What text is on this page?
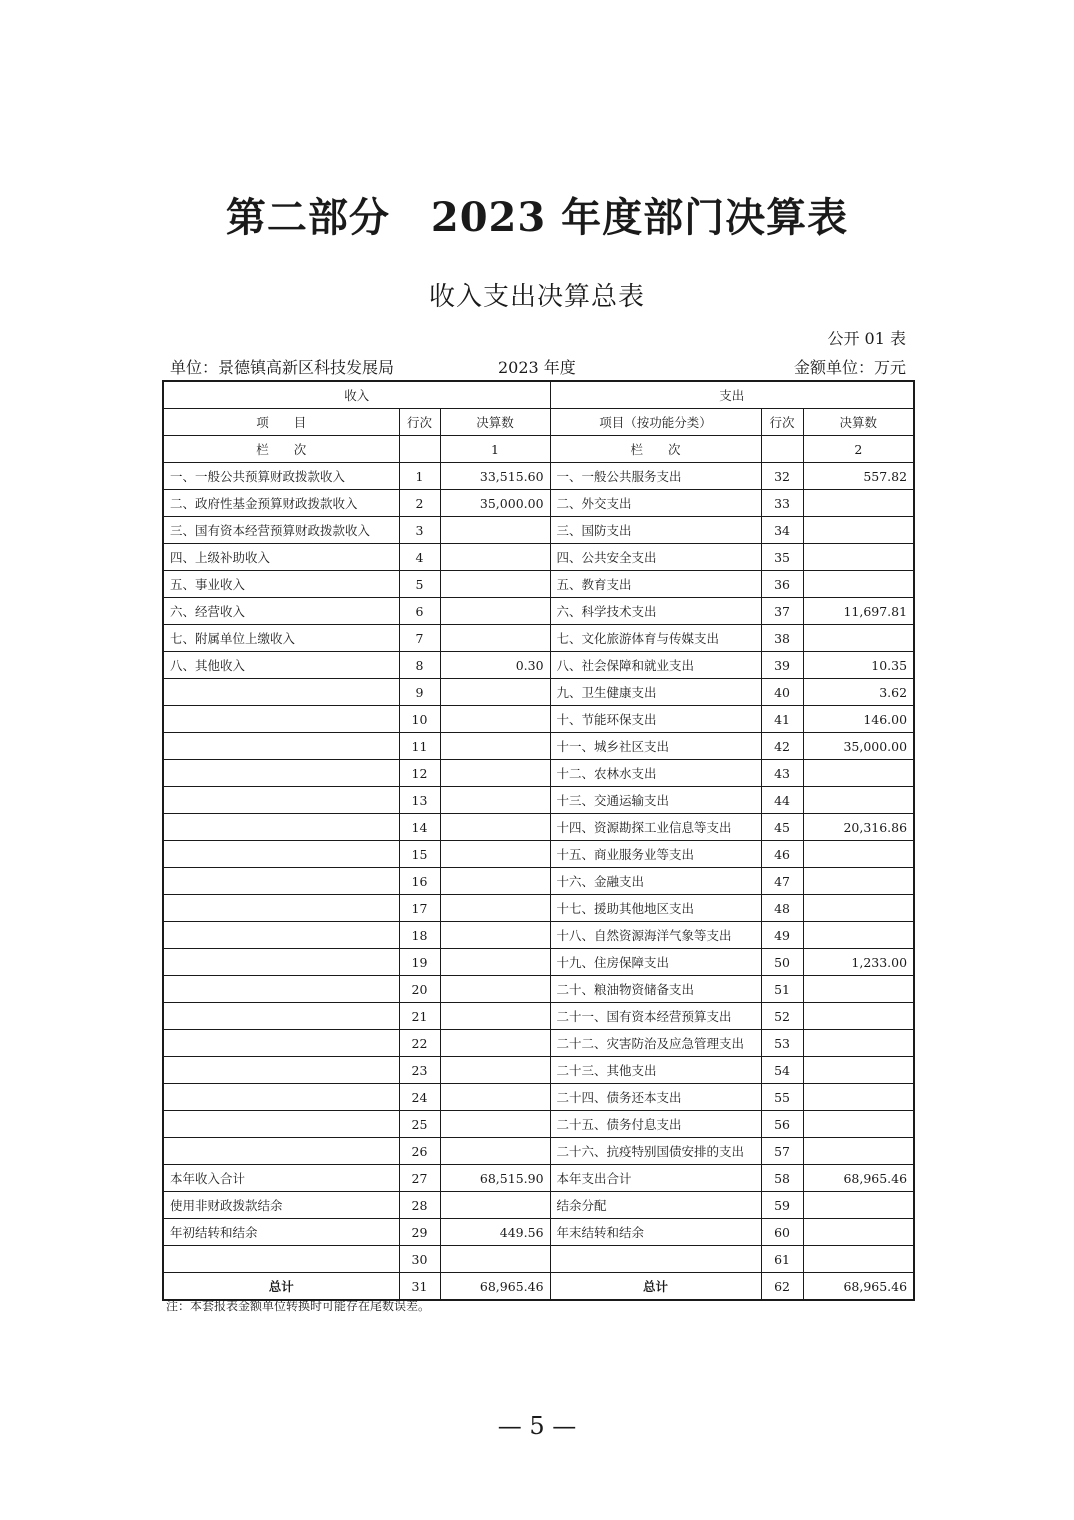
第二部分　2023 年度部门决算表
收入支出决算总表
公开 01 表
单位：景德镇高新区科技发展局	2023 年度	金额单位：万元
收入			支出		
项　　目	行次	决算数	项目（按功能分类）	行次	决算数
栏　　次		1	栏　　次		2
一、一般公共预算财政拨款收入	1	33,515.60	一、一般公共服务支出	32	557.82
二、政府性基金预算财政拨款收入	2	35,000.00	二、外交支出	33	
三、国有资本经营预算财政拨款收入	3		三、国防支出	34	
四、上级补助收入	4		四、公共安全支出	35	
五、事业收入	5		五、教育支出	36	
六、经营收入	6		六、科学技术支出	37	11,697.81
七、附属单位上缴收入	7		七、文化旅游体育与传媒支出	38	
八、其他收入	8	0.30	八、社会保障和就业支出	39	10.35
	9		九、卫生健康支出	40	3.62
	10		十、节能环保支出	41	146.00
	11		十一、城乡社区支出	42	35,000.00
	12		十二、农林水支出	43	
	13		十三、交通运输支出	44	
	14		十四、资源勘探工业信息等支出	45	20,316.86
	15		十五、商业服务业等支出	46	
	16		十六、金融支出	47	
	17		十七、援助其他地区支出	48	
	18		十八、自然资源海洋气象等支出	49	
	19		十九、住房保障支出	50	1,233.00
	20		二十、粮油物资储备支出	51	
	21		二十一、国有资本经营预算支出	52	
	22		二十二、灾害防治及应急管理支出	53	
	23		二十三、其他支出	54	
	24		二十四、债务还本支出	55	
	25		二十五、债务付息支出	56	
	26		二十六、抗疫特别国债安排的支出	57	
本年收入合计	27	68,515.90	本年支出合计	58	68,965.46
使用非财政拨款结余	28		结余分配	59	
年初结转和结余	29	449.56	年末结转和结余	60	
	30			61	
总计	31	68,965.46	总计	62	68,965.46
注：本套报表金额单位转换时可能存在尾数误差。
— 5 —
